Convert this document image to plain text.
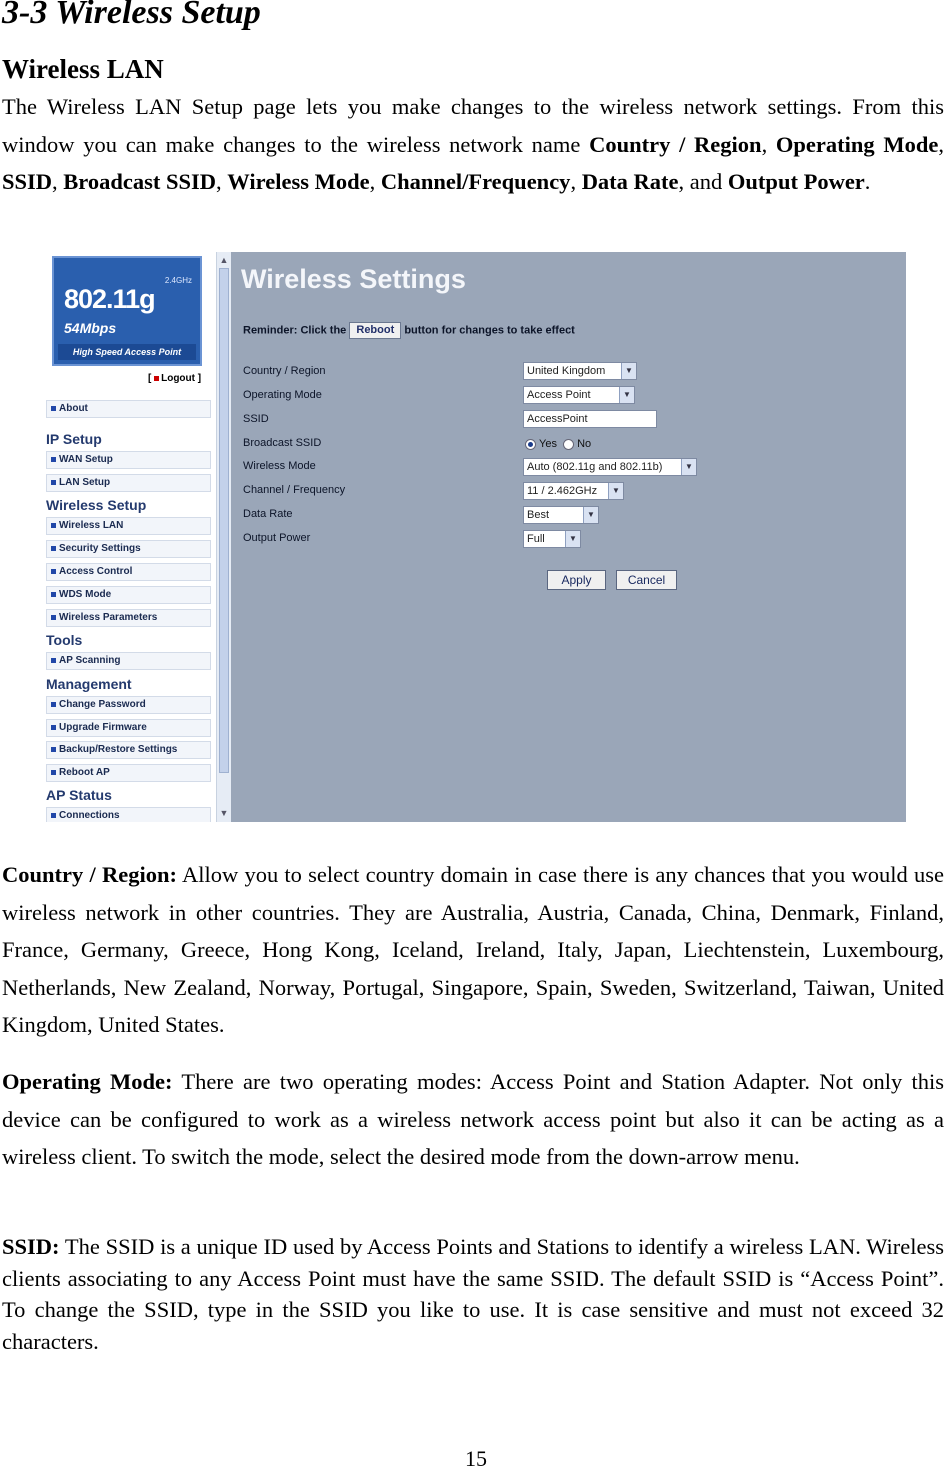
3-3 Wireless Setup
Wireless LAN
The Wireless LAN Setup page lets you make changes to the wireless network settings. From this window you can make changes to the wireless network name Country / Region, Operating Mode, SSID, Broadcast SSID, Wireless Mode, Channel/Frequency, Data Rate, and Output Power.
2.4GHz
802.11g
54Mbps
High Speed Access Point
[ Logout ]
About
IP Setup
WAN Setup
LAN Setup
Wireless Setup
Wireless LAN
Security Settings
Access Control
WDS Mode
Wireless Parameters
Tools
AP Scanning
Management
Change Password
Upgrade Firmware
Backup/Restore Settings
Reboot AP
AP Status
Connections
▲
▼
Wireless Settings
Reminder: Click the Reboot button for changes to take effect
Country / Region	United Kingdom	▼
Operating Mode	Access Point	▼
SSID	AccessPoint
Broadcast SSID	Yes No
Wireless Mode	Auto (802.11g and 802.11b)	▼
Channel / Frequency	11 / 2.462GHz	▼
Data Rate	Best	▼
Output Power	Full	▼
Apply	Cancel
Country / Region: Allow you to select country domain in case there is any chances that you would use wireless network in other countries. They are Australia, Austria, Canada, China, Denmark, Finland, France, Germany, Greece, Hong Kong, Iceland, Ireland, Italy, Japan, Liechtenstein, Luxembourg, Netherlands, New Zealand, Norway, Portugal, Singapore, Spain, Sweden, Switzerland, Taiwan, United Kingdom, United States.
Operating Mode: There are two operating modes: Access Point and Station Adapter. Not only this device can be configured to work as a wireless network access point but also it can be acting as a wireless client. To switch the mode, select the desired mode from the down-arrow menu.
SSID: The SSID is a unique ID used by Access Points and Stations to identify a wireless LAN. Wireless clients associating to any Access Point must have the same SSID. The default SSID is “Access Point”. To change the SSID, type in the SSID you like to use. It is case sensitive and must not exceed 32 characters.
15
